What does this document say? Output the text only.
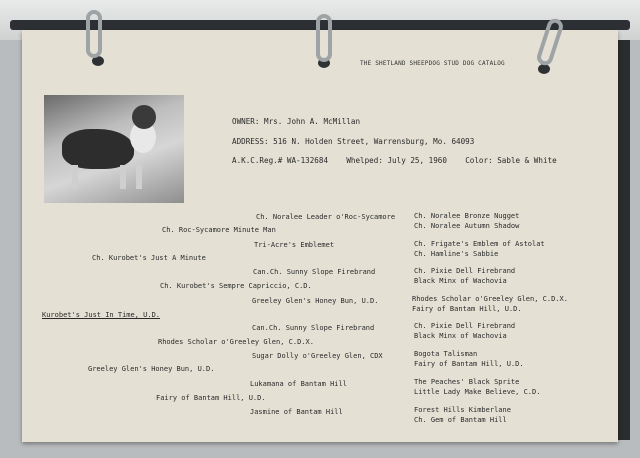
THE SHETLAND SHEEPDOG STUD DOG CATALOG
OWNER: Mrs. John A. McMillan
ADDRESS: 516 N. Holden Street, Warrensburg, Mo. 64093
A.K.C.Reg.# WA-132684 Whelped: July 25, 1960 Color: Sable & White
Kurobet's Just In Time, U.D.
Ch. Kurobet's Just A Minute
Greeley Glen's Honey Bun, U.D.
Ch. Roc-Sycamore Minute Man
Ch. Kurobet's Sempre Capriccio, C.D.
Rhodes Scholar o'Greeley Glen, C.D.X.
Fairy of Bantam Hill, U.D.
Ch. Noralee Leader o'Roc-Sycamore
Tri-Acre's Emblemet
Can.Ch. Sunny Slope Firebrand
Greeley Glen's Honey Bun, U.D.
Can.Ch. Sunny Slope Firebrand
Sugar Dolly o'Greeley Glen, CDX
Lukamana of Bantam Hill
Jasmine of Bantam Hill
Ch. Noralee Bronze Nugget
Ch. Noralee Autumn Shadow
Ch. Frigate's Emblem of Astolat
Ch. Hamline's Sabbie
Ch. Pixie Dell Firebrand
Black Minx of Wachovia
Rhodes Scholar o'Greeley Glen, C.D.X.
Fairy of Bantam Hill, U.D.
Ch. Pixie Dell Firebrand
Black Minx of Wachovia
Bogota Talisman
Fairy of Bantam Hill, U.D.
The Peaches' Black Sprite
Little Lady Make Believe, C.D.
Forest Hills Kimberlane
Ch. Gem of Bantam Hill
